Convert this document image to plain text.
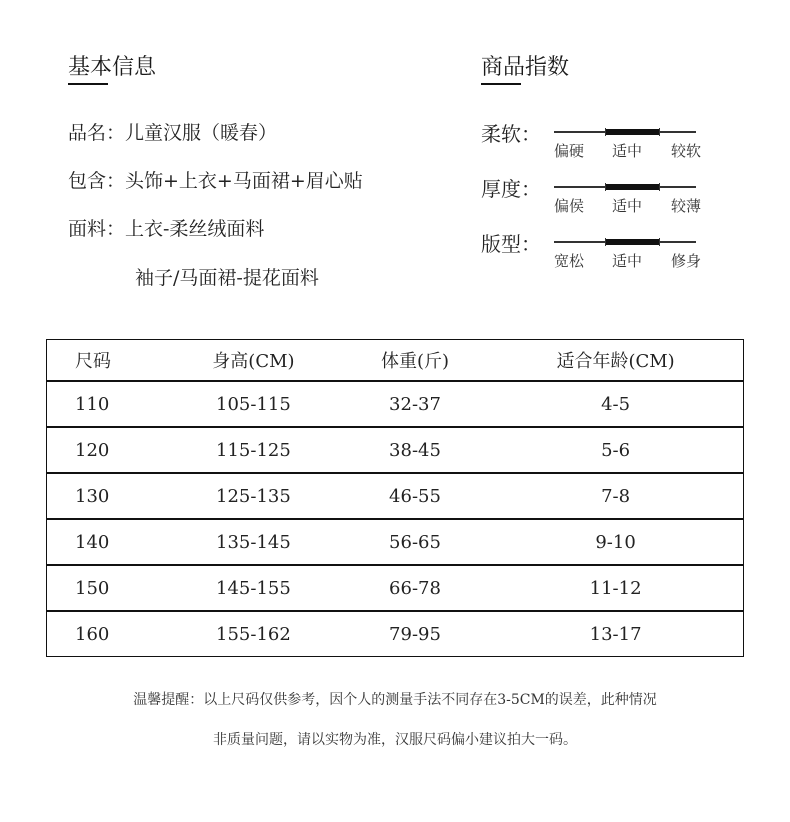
基本信息
品名：儿童汉服（暖春）
包含：头饰+上衣+马面裙+眉心贴
面料：上衣-柔丝绒面料
袖子/马面裙-提花面料
商品指数
柔软：
偏硬 适中 较软
厚度：
偏侯 适中 较薄
版型：
宽松 适中 修身
尺码	身高(CM)	体重(斤)	适合年龄(CM)
110	105-115	32-37	4-5
120	115-125	38-45	5-6
130	125-135	46-55	7-8
140	135-145	56-65	9-10
150	145-155	66-78	11-12
160	155-162	79-95	13-17
温馨提醒：以上尺码仅供参考，因个人的测量手法不同存在3-5CM的误差，此种情况
非质量问题，请以实物为准，汉服尺码偏小建议拍大一码。
